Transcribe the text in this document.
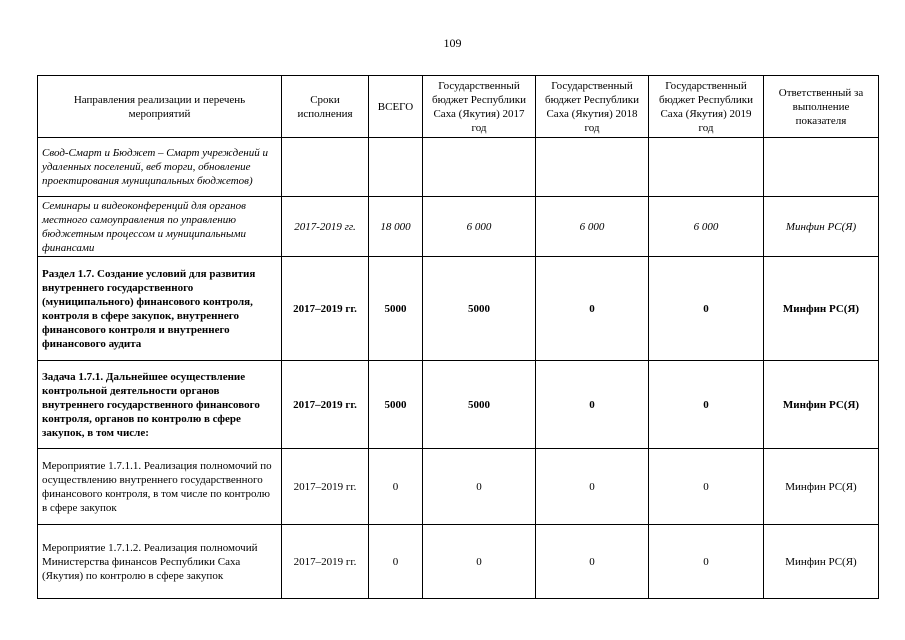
109
Направления реализации и перечень мероприятий	Сроки исполнения	ВСЕГО	Государственный бюджет Республики Саха (Якутия) 2017 год	Государственный бюджет Республики Саха (Якутия) 2018 год	Государственный бюджет Республики Саха (Якутия) 2019 год	Ответственный за выполнение показателя
Свод-Смарт и Бюджет – Смарт учреждений и удаленных поселений, веб торги, обновление проектирования муниципальных бюджетов)						
Семинары и видеоконференций для органов местного самоуправления по управлению бюджетным процессом и муниципальными финансами	2017-2019 гг.	18 000	6 000	6 000	6 000	Минфин РС(Я)
Раздел 1.7. Создание условий для развития внутреннего государственного (муниципального) финансового контроля, контроля в сфере закупок, внутреннего финансового контроля и внутреннего финансового аудита	2017–2019 гг.	5000	5000	0	0	Минфин РС(Я)
Задача 1.7.1. Дальнейшее осуществление контрольной деятельности органов внутреннего государственного финансового контроля, органов по контролю в сфере закупок, в том числе:	2017–2019 гг.	5000	5000	0	0	Минфин РС(Я)
Мероприятие 1.7.1.1. Реализация полномочий по осуществлению внутреннего государственного финансового контроля, в том числе по контролю в сфере закупок	2017–2019 гг.	0	0	0	0	Минфин РС(Я)
Мероприятие 1.7.1.2. Реализация полномочий Министерства финансов Республики Саха (Якутия) по контролю в сфере закупок	2017–2019 гг.	0	0	0	0	Минфин РС(Я)
